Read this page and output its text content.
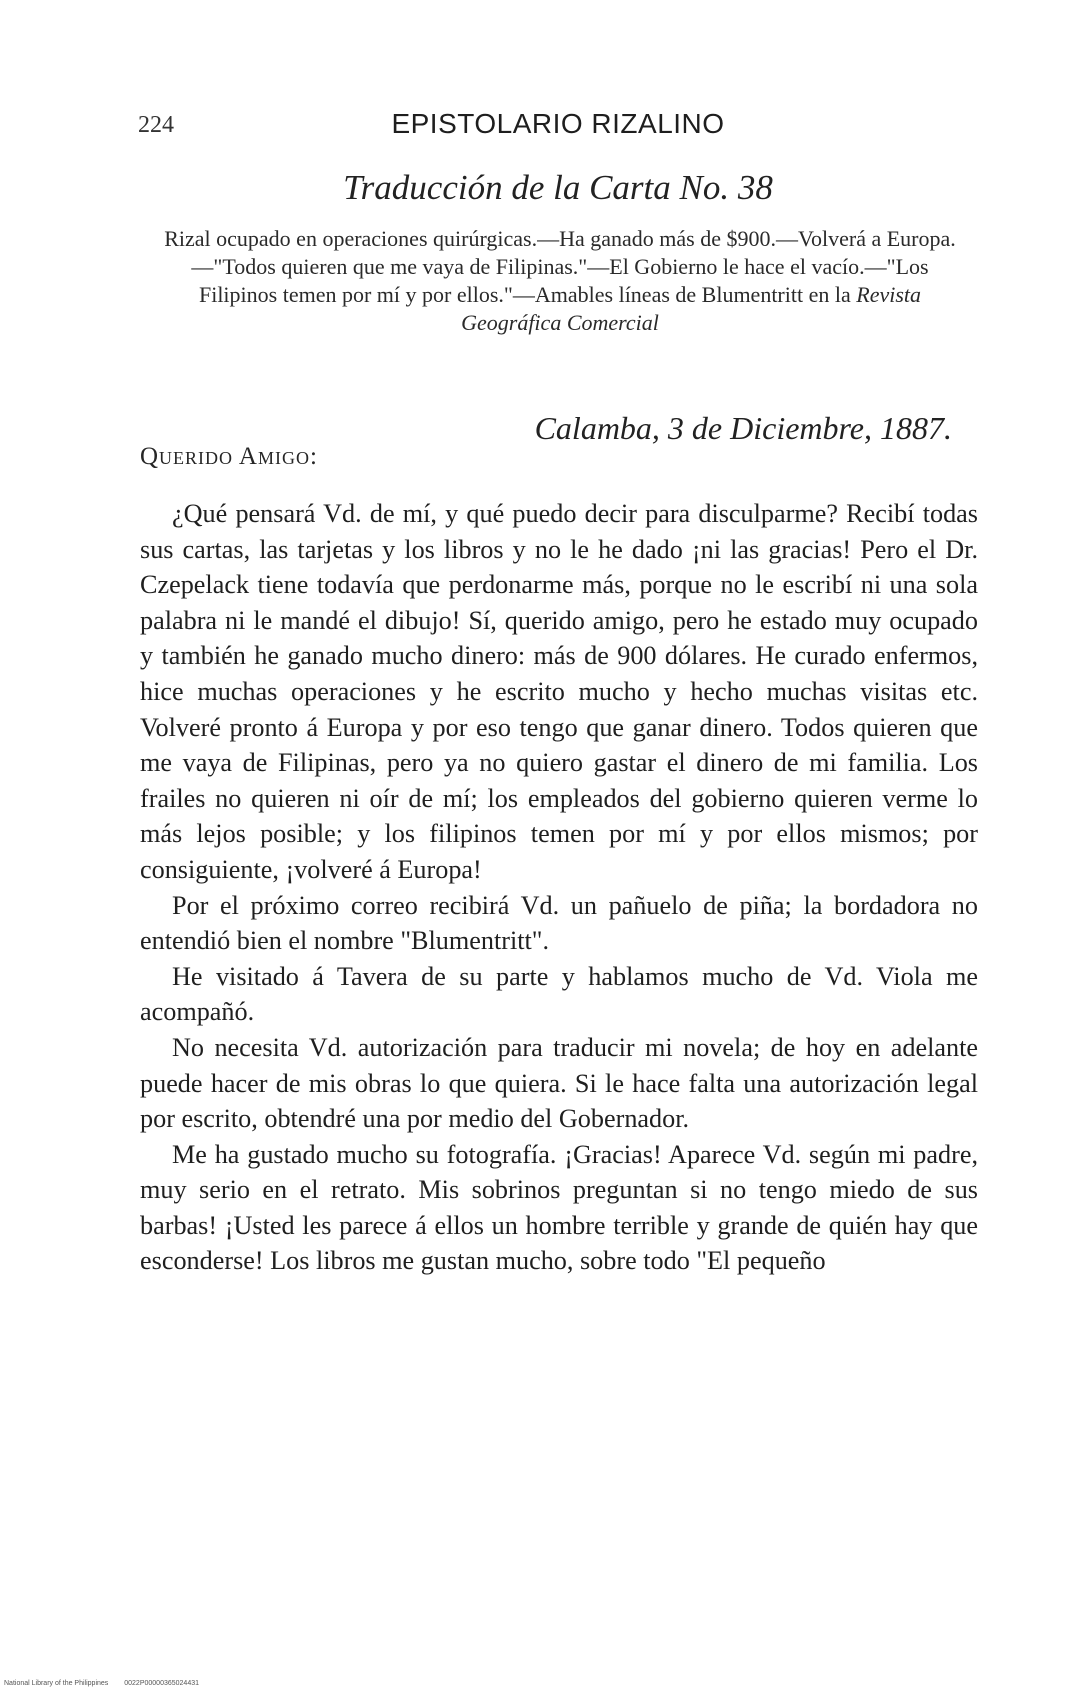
224	EPISTOLARIO RIZALINO
Traducción de la Carta No. 38
Rizal ocupado en operaciones quirúrgicas.—Ha ganado más de $900.—Volverá a Europa.—"Todos quieren que me vaya de Filipinas."—El Gobierno le hace el vacío.—"Los Filipinos temen por mí y por ellos."—Amables líneas de Blumentritt en la Revista Geográfica Comercial
Calamba, 3 de Diciembre, 1887.
Querido Amigo:

¿Qué pensará Vd. de mí, y qué puedo decir para disculparme? Recibí todas sus cartas, las tarjetas y los libros y no le he dado ¡ni las gracias! Pero el Dr. Czepelack tiene todavía que perdonarme más, porque no le escribí ni una sola palabra ni le mandé el dibujo! Sí, querido amigo, pero he estado muy ocupado y también he ganado mucho dinero: más de 900 dólares. He curado enfermos, hice muchas operaciones y he escrito mucho y hecho muchas visitas etc. Volveré pronto á Europa y por eso tengo que ganar dinero. Todos quieren que me vaya de Filipinas, pero ya no quiero gastar el dinero de mi familia. Los frailes no quieren ni oír de mí; los empleados del gobierno quieren verme lo más lejos posible; y los filipinos temen por mí y por ellos mismos; por consiguiente, ¡volveré á Europa!

Por el próximo correo recibirá Vd. un pañuelo de piña; la bordadora no entendió bien el nombre "Blumentritt".

He visitado á Tavera de su parte y hablamos mucho de Vd. Viola me acompañó.

No necesita Vd. autorización para traducir mi novela; de hoy en adelante puede hacer de mis obras lo que quiera. Si le hace falta una autorización legal por escrito, obtendré una por medio del Gobernador.

Me ha gustado mucho su fotografía. ¡Gracias! Aparece Vd. según mi padre, muy serio en el retrato. Mis sobrinos preguntan si no tengo miedo de sus barbas! ¡Usted les parece á ellos un hombre terrible y grande de quién hay que esconderse! Los libros me gustan mucho, sobre todo "El pequeño

National Library of the Philippines 0022P00000365024431
